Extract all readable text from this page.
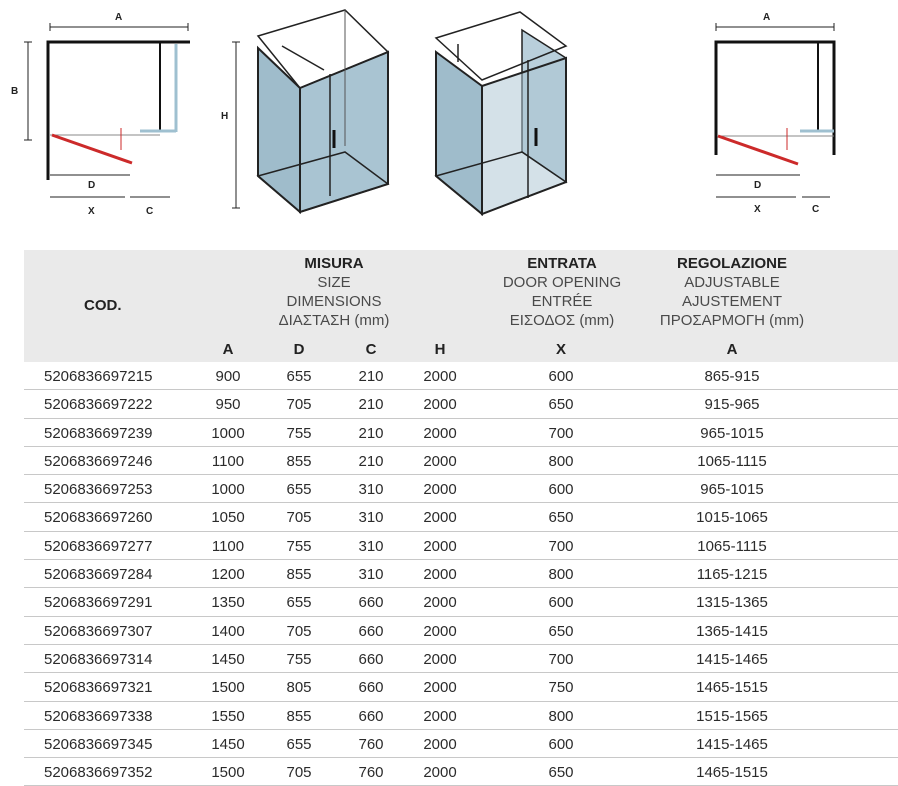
A
B
D
X	C
H
A
D
X	C
COD.
MISURA
SIZE
DIMENSIONS
ΔΙΑΣΤΑΣΗ (mm)
ENTRATA
DOOR OPENING
ENTRÉE
ΕΙΣΟΔΟΣ (mm)
REGOLAZIONE
ADJUSTABLE
AJUSTEMENT
ΠΡΟΣΑΡΜΟΓΗ (mm)
A	D	C	H	X	A
5206836697215	900	655	210	2000	600	865-915
5206836697222	950	705	210	2000	650	915-965
5206836697239	1000	755	210	2000	700	965-1015
5206836697246	1100	855	210	2000	800	1065-1115
5206836697253	1000	655	310	2000	600	965-1015
5206836697260	1050	705	310	2000	650	1015-1065
5206836697277	1100	755	310	2000	700	1065-1115
5206836697284	1200	855	310	2000	800	1165-1215
5206836697291	1350	655	660	2000	600	1315-1365
5206836697307	1400	705	660	2000	650	1365-1415
5206836697314	1450	755	660	2000	700	1415-1465
5206836697321	1500	805	660	2000	750	1465-1515
5206836697338	1550	855	660	2000	800	1515-1565
5206836697345	1450	655	760	2000	600	1415-1465
5206836697352	1500	705	760	2000	650	1465-1515
